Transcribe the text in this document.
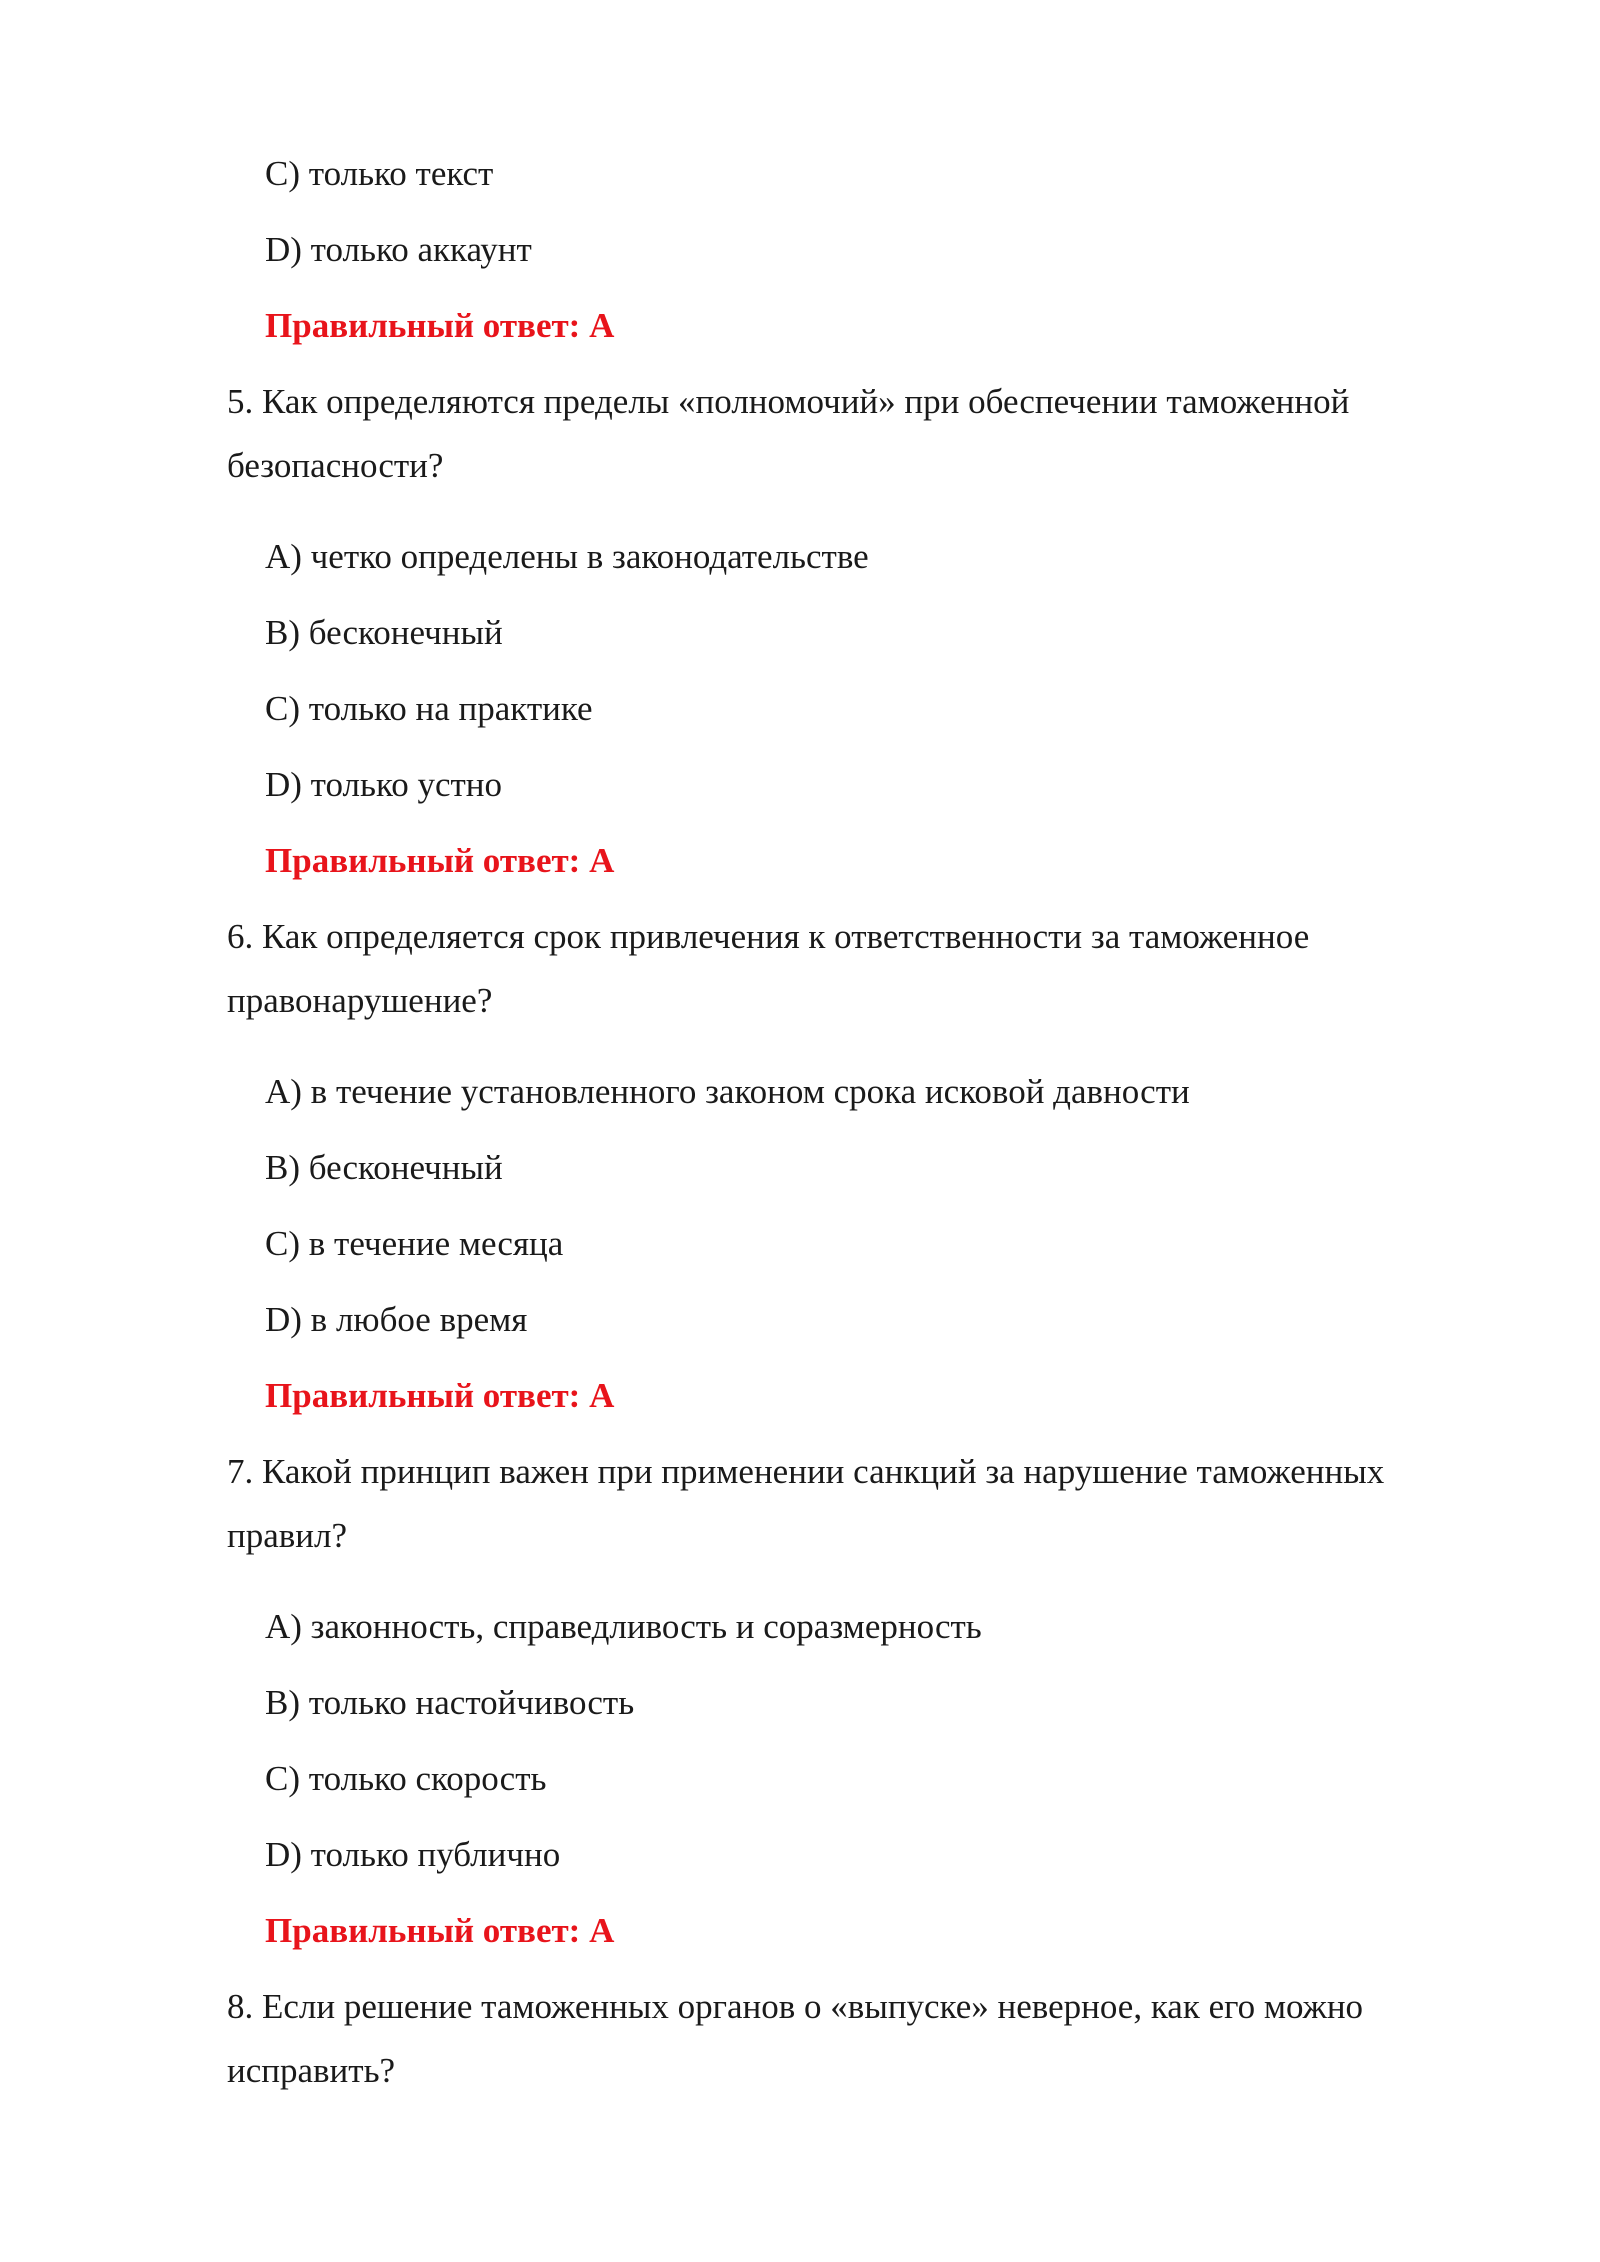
C) только текст
D) только аккаунт
Правильный ответ: A
5. Как определяются пределы «полномочий» при обеспечении таможенной
безопасности?
A) четко определены в законодательстве
B) бесконечный
C) только на практике
D) только устно
Правильный ответ: A
6. Как определяется срок привлечения к ответственности за таможенное
правонарушение?
A) в течение установленного законом срока исковой давности
B) бесконечный
C) в течение месяца
D) в любое время
Правильный ответ: A
7. Какой принцип важен при применении санкций за нарушение таможенных
правил?
A) законность, справедливость и соразмерность
B) только настойчивость
C) только скорость
D) только публично
Правильный ответ: A
8. Если решение таможенных органов о «выпуске» неверное, как его можно
исправить?
